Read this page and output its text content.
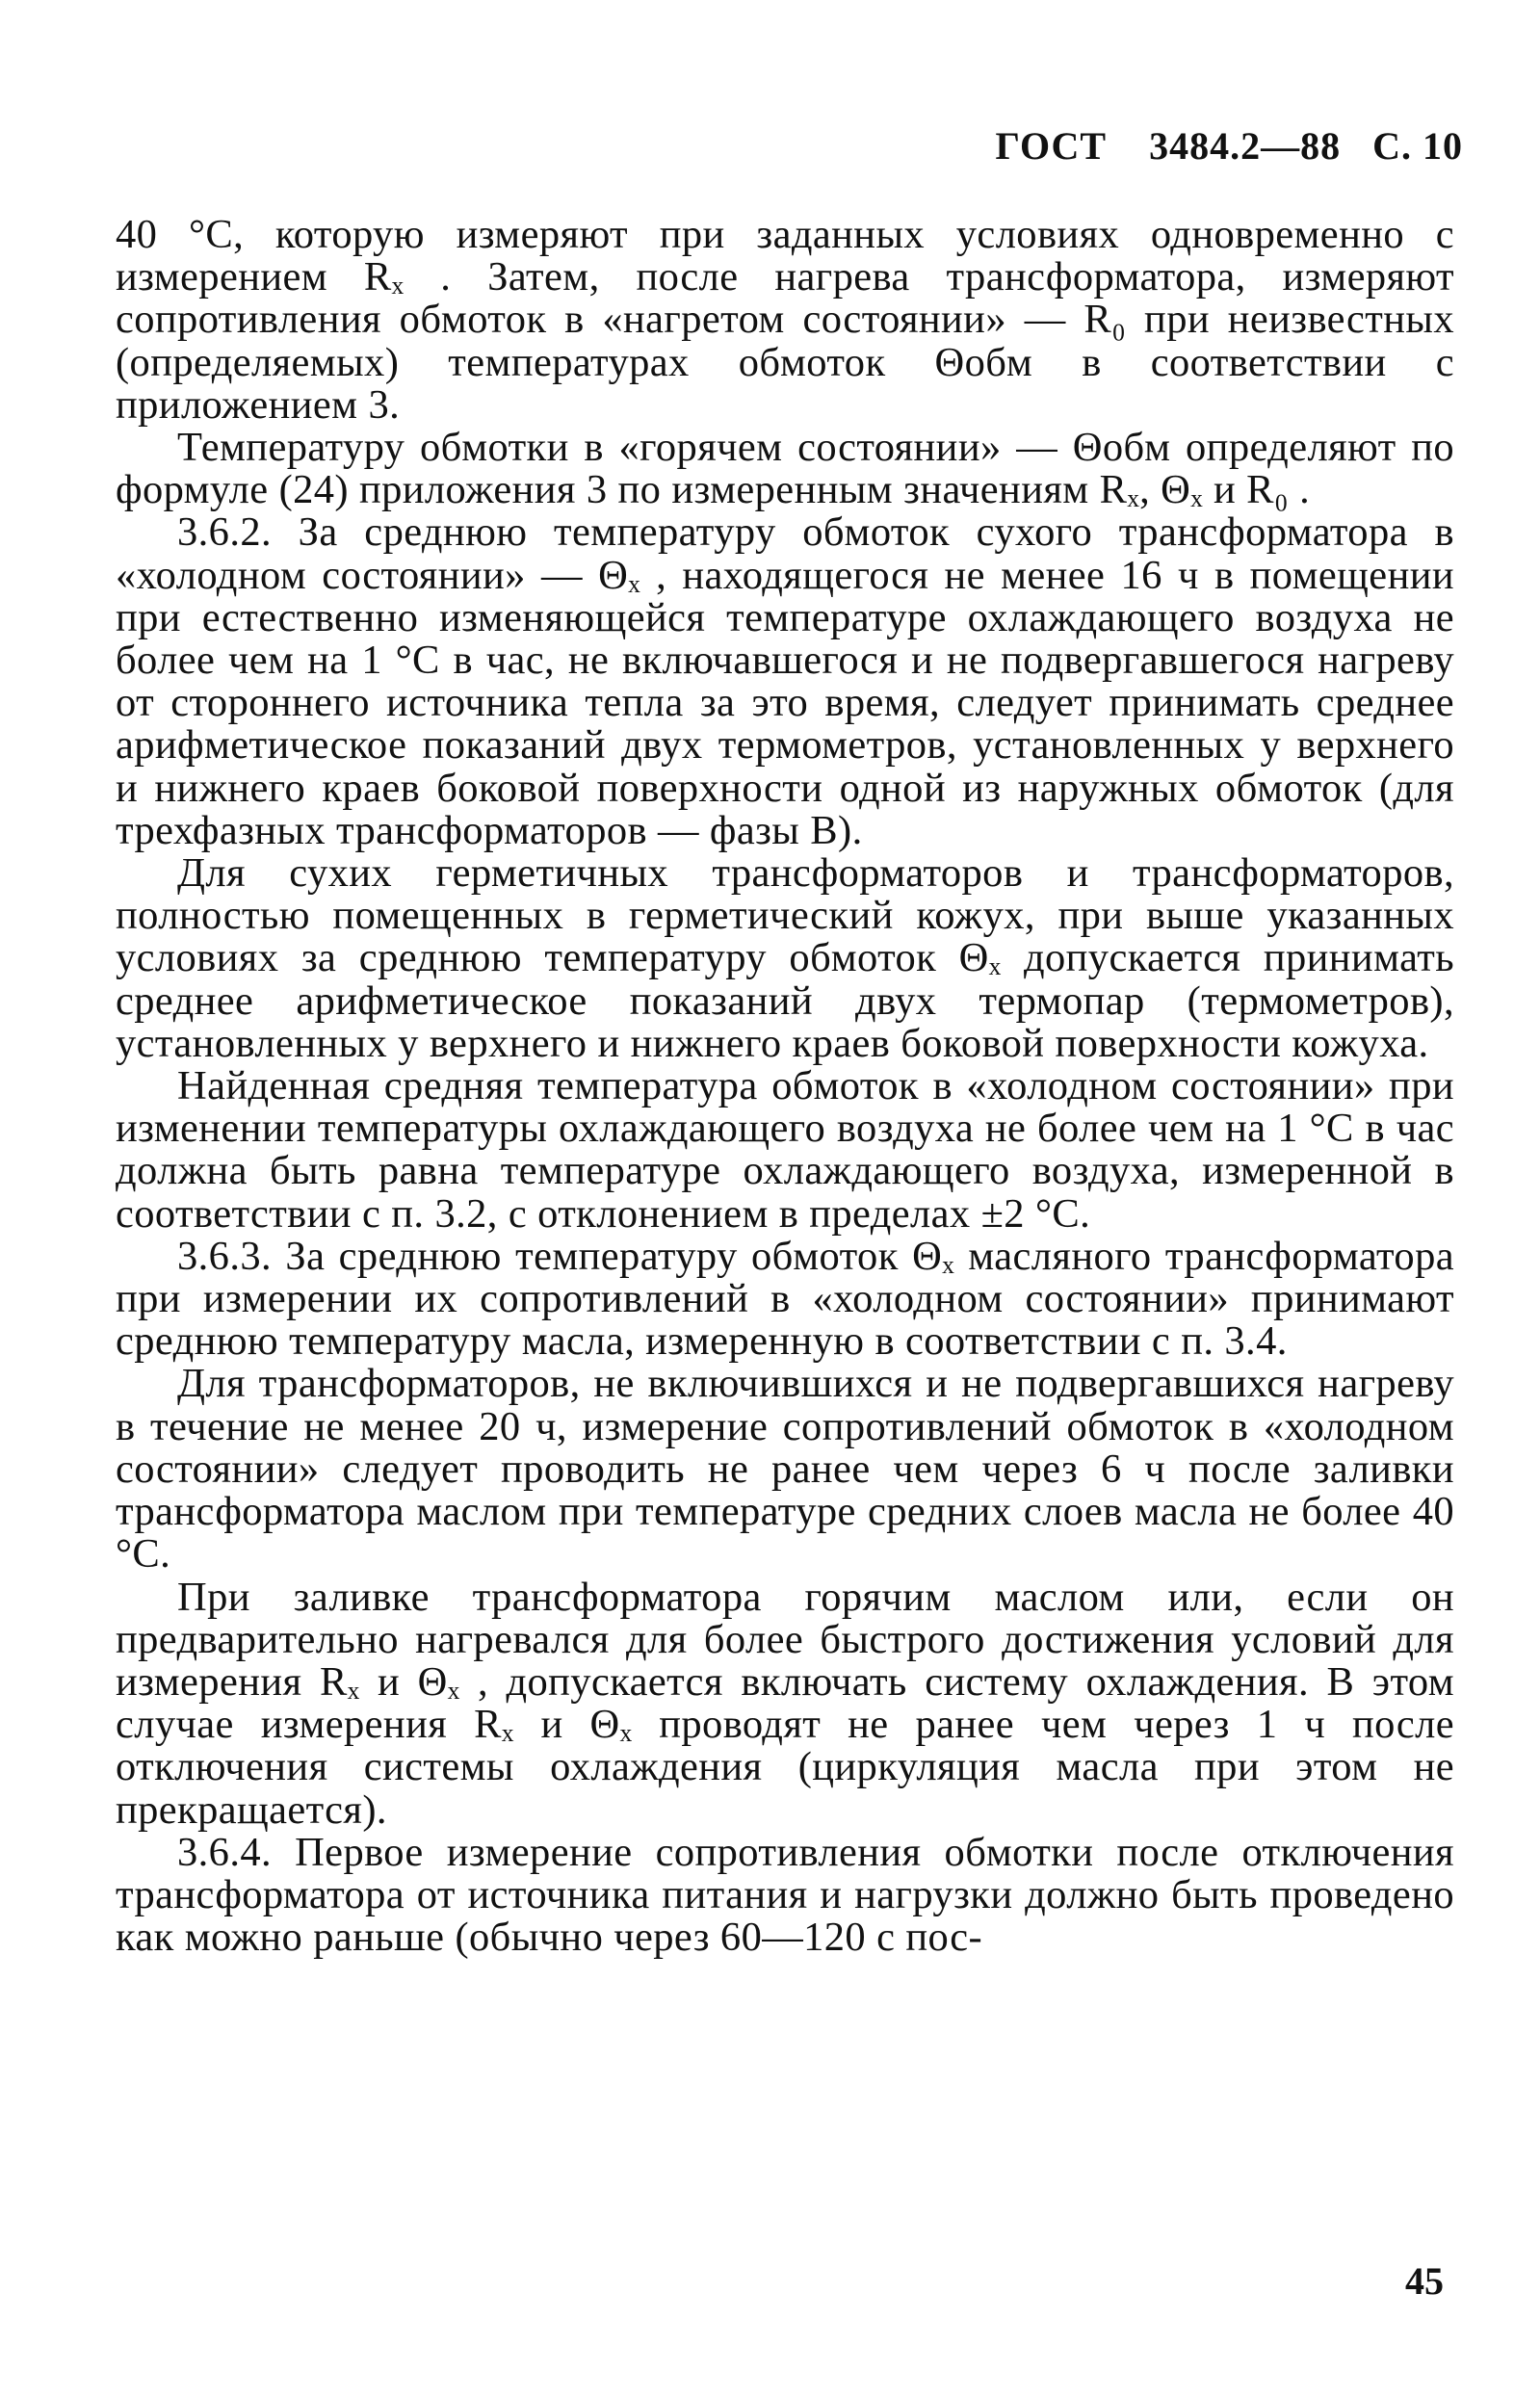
ГОСТ 3484.2—88 С. 10

40 °С, которую измеряют при заданных условиях одновременно с измерением Rₓ . Затем, после нагрева трансформатора, измеряют сопротивления обмоток в «нагретом состоянии» — R₀ при неизвестных (определяемых) температурах обмоток Θобм в соответствии с приложением 3.

Температуру обмотки в «горячем состоянии» — Θобм определяют по формуле (24) приложения 3 по измеренным значениям Rₓ, Θₓ и R₀ .

3.6.2. За среднюю температуру обмоток сухого трансформатора в «холодном состоянии» — Θₓ , находящегося не менее 16 ч в помещении при естественно изменяющейся температуре охлаждающего воздуха не более чем на 1 °С в час, не включавшегося и не подвергавшегося нагреву от стороннего источника тепла за это время, следует принимать среднее арифметическое показаний двух термометров, установленных у верхнего и нижнего краев боковой поверхности одной из наружных обмоток (для трехфазных трансформаторов — фазы В).

Для сухих герметичных трансформаторов и трансформаторов, полностью помещенных в герметический кожух, при выше указанных условиях за среднюю температуру обмоток Θₓ допускается принимать среднее арифметическое показаний двух термопар (термометров), установленных у верхнего и нижнего краев боковой поверхности кожуха.

Найденная средняя температура обмоток в «холодном состоянии» при изменении температуры охлаждающего воздуха не более чем на 1 °С в час должна быть равна температуре охлаждающего воздуха, измеренной в соответствии с п. 3.2, с отклонением в пределах ±2 °С.

3.6.3. За среднюю температуру обмоток Θₓ масляного трансформатора при измерении их сопротивлений в «холодном состоянии» принимают среднюю температуру масла, измеренную в соответствии с п. 3.4.

Для трансформаторов, не включившихся и не подвергавшихся нагреву в течение не менее 20 ч, измерение сопротивлений обмоток в «холодном состоянии» следует проводить не ранее чем через 6 ч после заливки трансформатора маслом при температуре средних слоев масла не более 40 °С.

При заливке трансформатора горячим маслом или, если он предварительно нагревался для более быстрого достижения условий для измерения Rₓ и Θₓ , допускается включать систему охлаждения. В этом случае измерения Rₓ и Θₓ проводят не ранее чем через 1 ч после отключения системы охлаждения (циркуляция масла при этом не прекращается).

3.6.4. Первое измерение сопротивления обмотки после отключения трансформатора от источника питания и нагрузки должно быть проведено как можно раньше (обычно через 60—120 с пос-

45
